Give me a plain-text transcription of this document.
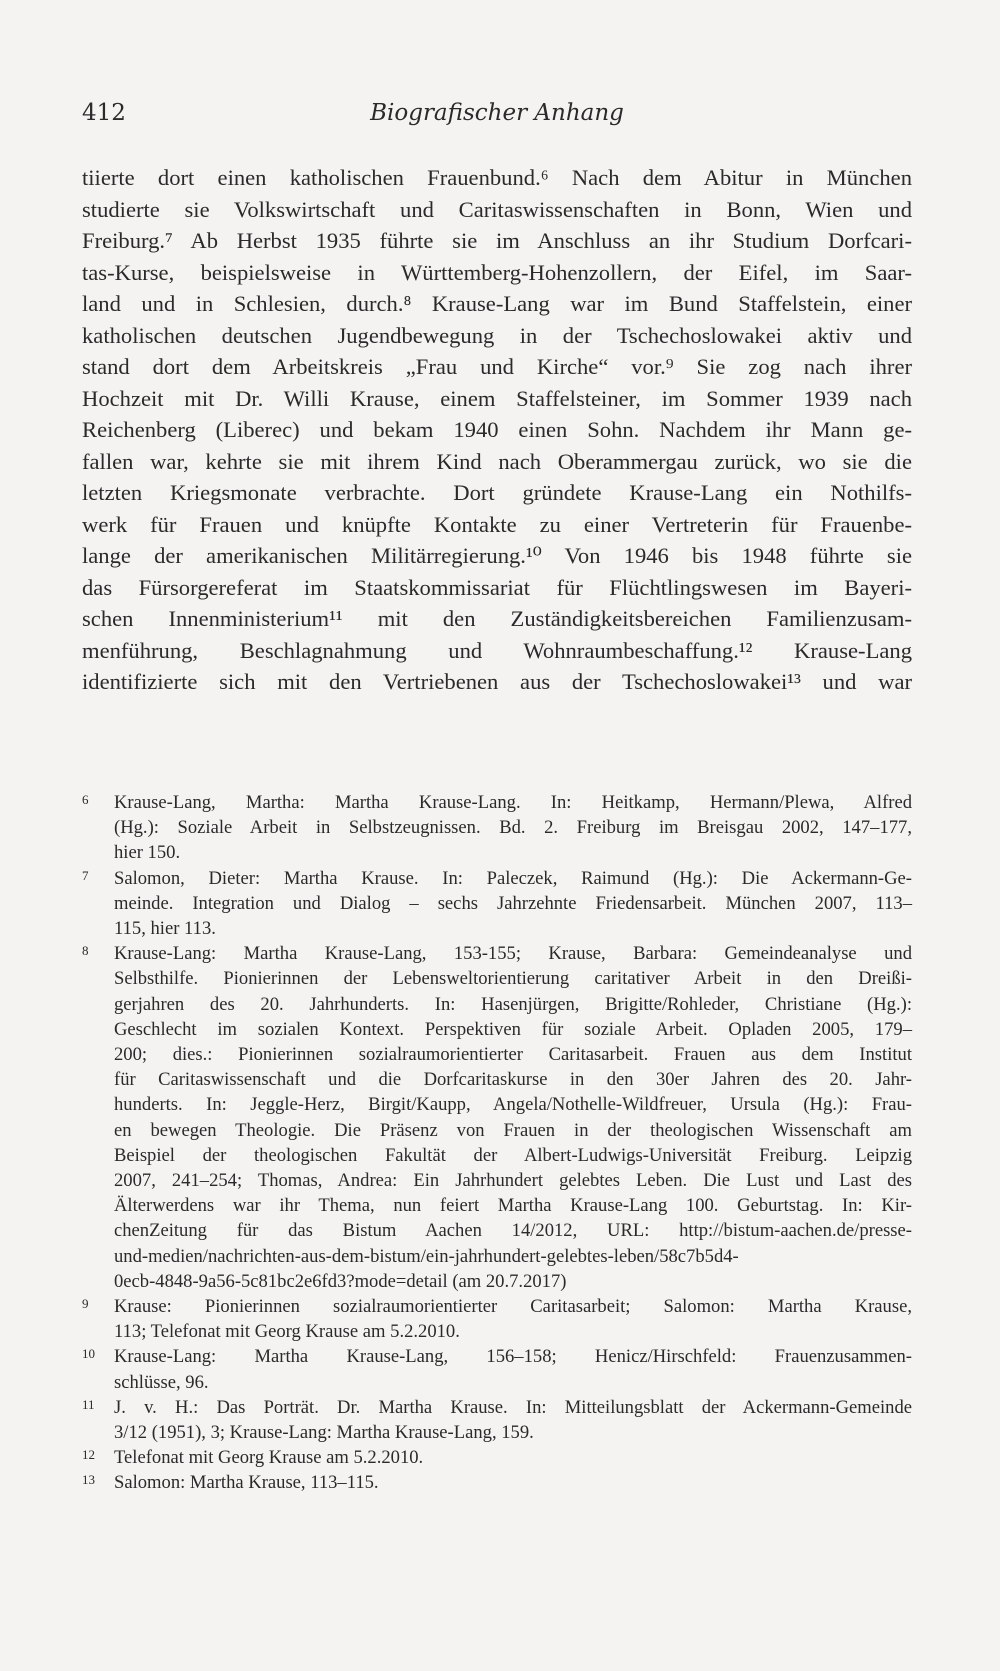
412	Biografischer Anhang
tiierte dort einen katholischen Frauenbund.⁶ Nach dem Abitur in München
studierte sie Volkswirtschaft und Caritaswissenschaften in Bonn, Wien und
Freiburg.⁷ Ab Herbst 1935 führte sie im Anschluss an ihr Studium Dorfcari-
tas-Kurse, beispielsweise in Württemberg-Hohenzollern, der Eifel, im Saar-
land und in Schlesien, durch.⁸ Krause-Lang war im Bund Staffelstein, einer
katholischen deutschen Jugendbewegung in der Tschechoslowakei aktiv und
stand dort dem Arbeitskreis „Frau und Kirche“ vor.⁹ Sie zog nach ihrer
Hochzeit mit Dr. Willi Krause, einem Staffelsteiner, im Sommer 1939 nach
Reichenberg (Liberec) und bekam 1940 einen Sohn. Nachdem ihr Mann ge-
fallen war, kehrte sie mit ihrem Kind nach Oberammergau zurück, wo sie die
letzten Kriegsmonate verbrachte. Dort gründete Krause-Lang ein Nothilfs-
werk für Frauen und knüpfte Kontakte zu einer Vertreterin für Frauenbe-
lange der amerikanischen Militärregierung.¹⁰ Von 1946 bis 1948 führte sie
das Fürsorgereferat im Staatskommissariat für Flüchtlingswesen im Bayeri-
schen Innenministerium¹¹ mit den Zuständigkeitsbereichen Familienzusam-
menführung, Beschlagnahmung und Wohnraumbeschaffung.¹² Krause-Lang
identifizierte sich mit den Vertriebenen aus der Tschechoslowakei¹³ und war
6 Krause-Lang, Martha: Martha Krause-Lang. In: Heitkamp, Hermann/Plewa, Alfred
(Hg.): Soziale Arbeit in Selbstzeugnissen. Bd. 2. Freiburg im Breisgau 2002, 147–177,
hier 150.
7 Salomon, Dieter: Martha Krause. In: Paleczek, Raimund (Hg.): Die Ackermann-Ge-
meinde. Integration und Dialog – sechs Jahrzehnte Friedensarbeit. München 2007, 113–
115, hier 113.
8 Krause-Lang: Martha Krause-Lang, 153-155; Krause, Barbara: Gemeindeanalyse und
Selbsthilfe. Pionierinnen der Lebensweltorientierung caritativer Arbeit in den Dreißi-
gerjahren des 20. Jahrhunderts. In: Hasenjürgen, Brigitte/Rohleder, Christiane (Hg.):
Geschlecht im sozialen Kontext. Perspektiven für soziale Arbeit. Opladen 2005, 179–
200; dies.: Pionierinnen sozialraumorientierter Caritasarbeit. Frauen aus dem Institut
für Caritaswissenschaft und die Dorfcaritaskurse in den 30er Jahren des 20. Jahr-
hunderts. In: Jeggle-Herz, Birgit/Kaupp, Angela/Nothelle-Wildfreuer, Ursula (Hg.): Frau-
en bewegen Theologie. Die Präsenz von Frauen in der theologischen Wissenschaft am
Beispiel der theologischen Fakultät der Albert-Ludwigs-Universität Freiburg. Leipzig
2007, 241–254; Thomas, Andrea: Ein Jahrhundert gelebtes Leben. Die Lust und Last des
Älterwerdens war ihr Thema, nun feiert Martha Krause-Lang 100. Geburtstag. In: Kir-
chenZeitung für das Bistum Aachen 14/2012, URL: http://bistum-aachen.de/presse-
und-medien/nachrichten-aus-dem-bistum/ein-jahrhundert-gelebtes-leben/58c7b5d4-
0ecb-4848-9a56-5c81bc2e6fd3?mode=detail (am 20.7.2017)
9 Krause: Pionierinnen sozialraumorientierter Caritasarbeit; Salomon: Martha Krause,
113; Telefonat mit Georg Krause am 5.2.2010.
10 Krause-Lang: Martha Krause-Lang, 156–158; Henicz/Hirschfeld: Frauenzusammen-
schlüsse, 96.
11 J. v. H.: Das Porträt. Dr. Martha Krause. In: Mitteilungsblatt der Ackermann-Gemeinde
3/12 (1951), 3; Krause-Lang: Martha Krause-Lang, 159.
12 Telefonat mit Georg Krause am 5.2.2010.
13 Salomon: Martha Krause, 113–115.
